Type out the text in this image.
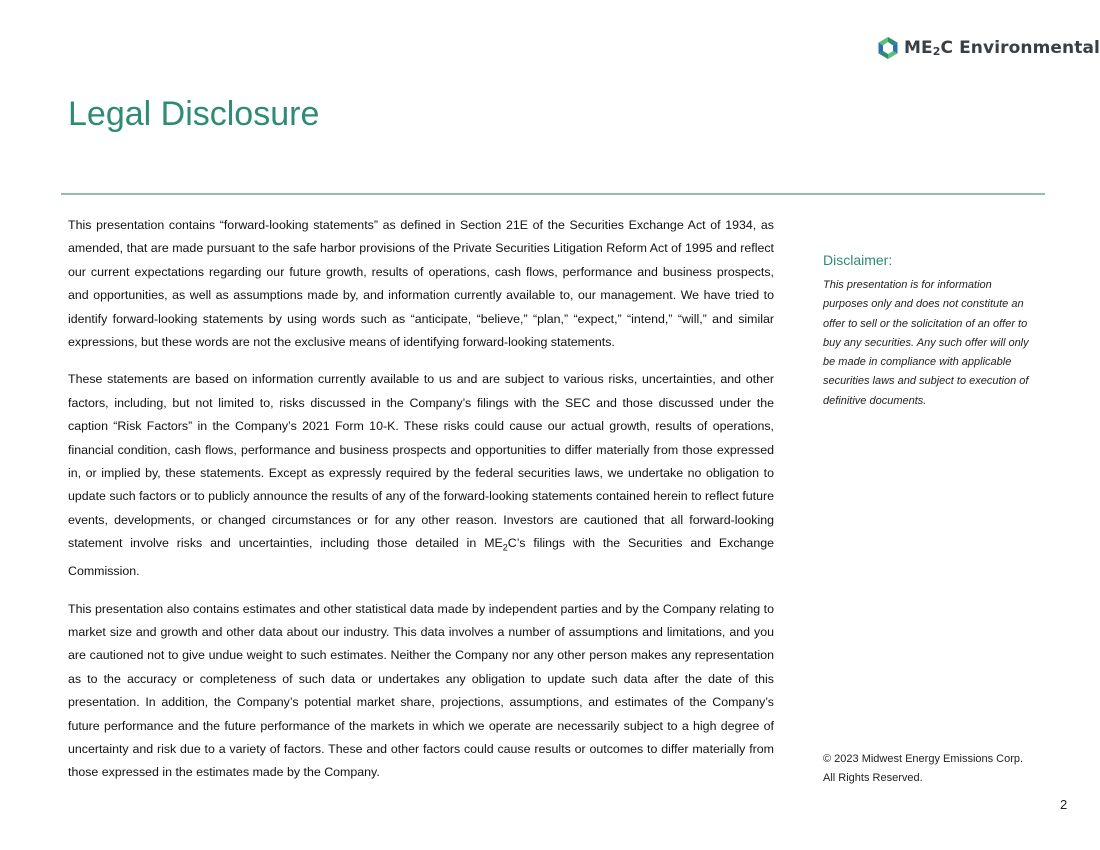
$ME_2C$ Environmental
Legal Disclosure

This presentation contains “forward-looking statements” as defined in Section 21E of the Securities Exchange Act of 1934, as amended, that are made pursuant to the safe harbor provisions of the Private Securities Litigation Reform Act of 1995 and reflect our current expectations regarding our future growth, results of operations, cash flows, performance and business prospects, and opportunities, as well as assumptions made by, and information currently available to, our management. We have tried to identify forward-looking statements by using words such as “anticipate, “believe,” “plan,” “expect,” “intend,” “will,” and similar expressions, but these words are not the exclusive means of identifying forward-looking statements.

These statements are based on information currently available to us and are subject to various risks, uncertainties, and other factors, including, but not limited to, risks discussed in the Company’s filings with the SEC and those discussed under the caption “Risk Factors” in the Company’s 2021 Form 10-K. These risks could cause our actual growth, results of operations, financial condition, cash flows, performance and business prospects and opportunities to differ materially from those expressed in, or implied by, these statements. Except as expressly required by the federal securities laws, we undertake no obligation to update such factors or to publicly announce the results of any of the forward-looking statements contained herein to reflect future events, developments, or changed circumstances or for any other reason. Investors are cautioned that all forward-looking statement involve risks and uncertainties, including those detailed in $ME_2C’s$ filings with the Securities and Exchange Commission.

This presentation also contains estimates and other statistical data made by independent parties and by the Company relating to market size and growth and other data about our industry. This data involves a number of assumptions and limitations, and you are cautioned not to give undue weight to such estimates. Neither the Company nor any other person makes any representation as to the accuracy or completeness of such data or undertakes any obligation to update such data after the date of this presentation. In addition, the Company’s potential market share, projections, assumptions, and estimates of the Company’s future performance and the future performance of the markets in which we operate are necessarily subject to a high degree of uncertainty and risk due to a variety of factors. These and other factors could cause results or outcomes to differ materially from those expressed in the estimates made by the Company.

Disclaimer:
This presentation is for information purposes only and does not constitute an offer to sell or the solicitation of an offer to buy any securities. Any such offer will only be made in compliance with applicable securities laws and subject to execution of definitive documents.
© 2023 Midwest Energy Emissions Corp.
All Rights Reserved.
2
